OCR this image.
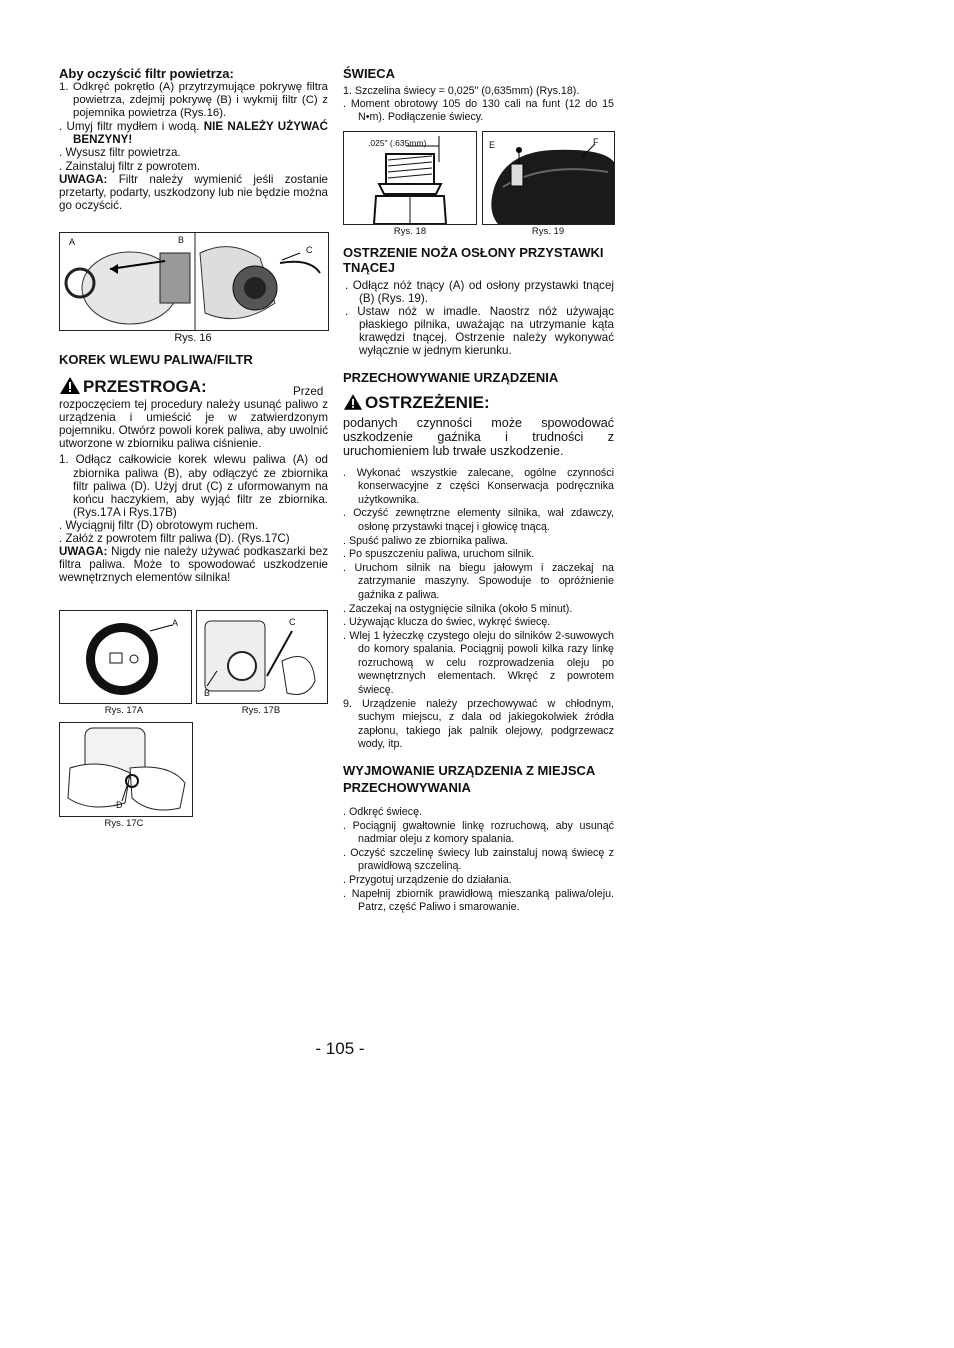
Aby oczyścić filtr powietrza:

1. Odkręć pokrętło (A) przytrzymujące pokrywę filtra powietrza, zdejmij pokrywę (B) i wykmij filtr (C) z pojemnika powietrza (Rys.16).

. Umyj filtr mydłem i wodą. NIE NALEŻY UŻYWAĆ BENZYNY!

. Wysusz filtr powietrza.

. Zainstaluj filtr z powrotem.

UWAGA: Filtr należy wymienić jeśli zostanie przetarty, podarty, uszkodzony lub nie będzie można go oczyścić.

A	B
C
Rys. 16
KOREK WLEWU PALIWA/FILTR
PRZESTROGA:	Przed rozpoczęciem tej procedury należy usunąć paliwo z urządzenia i umieścić je w zatwierdzonym pojemniku. Otwórz powoli korek paliwa, aby uwolnić utworzone w zbiorniku paliwa ciśnienie.

1. Odłącz całkowicie korek wlewu paliwa (A) od zbiornika paliwa (B), aby odłączyć ze zbiornika filtr paliwa (D). Użyj drut (C) z uformowanym na końcu haczykiem, aby wyjąć filtr ze zbiornika. (Rys.17A i Rys.17B)

. Wyciągnij filtr (D) obrotowym ruchem.

. Załóż z powrotem filtr paliwa (D). (Rys.17C)

UWAGA: Nigdy nie należy używać podkaszarki bez filtra paliwa. Może to spowodować uszkodzenie wewnętrznych elementów silnika!

A
Rys. 17A
C
B
Rys. 17B
D
Rys. 17C
ŚWIECA

1. Szczelina świecy = 0,025" (0,635mm) (Rys.18).

. Moment obrotowy 105 do 130 cali na funt (12 do 15 N•m). Podłączenie świecy.

.025" (.635mm)
Rys. 18
E	F
Rys. 19
OSTRZENIE NOŻA OSŁONY PRZYSTAWKI TNĄCEJ

. Odłącz nóż tnący (A) od osłony przystawki tnącej (B) (Rys. 19).

. Ustaw nóż w imadle. Naostrz nóż używając płaskiego pilnika, uważając na utrzymanie kąta krawędzi tnącej. Ostrzenie należy wykonywać wyłącznie w jednym kierunku.

PRZECHOWYWANIE URZĄDZENIA
OSTRZEŻENIE:

podanych czynności może spowodować uszkodzenie gaźnika i trudności z uruchomieniem lub trwałe uszkodzenie.

. Wykonać wszystkie zalecane, ogólne czynności konserwacyjne z części Konserwacja podręcznika użytkownika.

. Oczyść zewnętrzne elementy silnika, wał zdawczy, osłonę przystawki tnącej i głowicę tnącą.

. Spuść paliwo ze zbiornika paliwa.

. Po spuszczeniu paliwa, uruchom silnik.

. Uruchom silnik na biegu jałowym i zaczekaj na zatrzymanie maszyny. Spowoduje to opróżnienie gaźnika z paliwa.

. Zaczekaj na ostygnięcie silnika (około 5 minut).

. Używając klucza do świec, wykręć świecę.

. Wlej 1 łyżeczkę czystego oleju do silników 2-suwowych do komory spalania. Pociągnij powoli kilka razy linkę rozruchową w celu rozprowadzenia oleju po wewnętrznych elementach. Wkręć z powrotem świecę.

9. Urządzenie należy przechowywać w chłodnym, suchym miejscu, z dala od jakiegokolwiek źródła zapłonu, takiego jak palnik olejowy, podgrzewacz wody, itp.

WYJMOWANIE URZĄDZENIA Z MIEJSCA PRZECHOWYWANIA

. Odkręć świecę.

. Pociągnij gwałtownie linkę rozruchową, aby usunąć nadmiar oleju z komory spalania.

. Oczyść szczelinę świecy lub zainstaluj nową świecę z prawidłową szczeliną.

. Przygotuj urządzenie do działania.

. Napełnij zbiornik prawidłową mieszanką paliwa/oleju. Patrz, część Paliwo i smarowanie.

- 105 -
